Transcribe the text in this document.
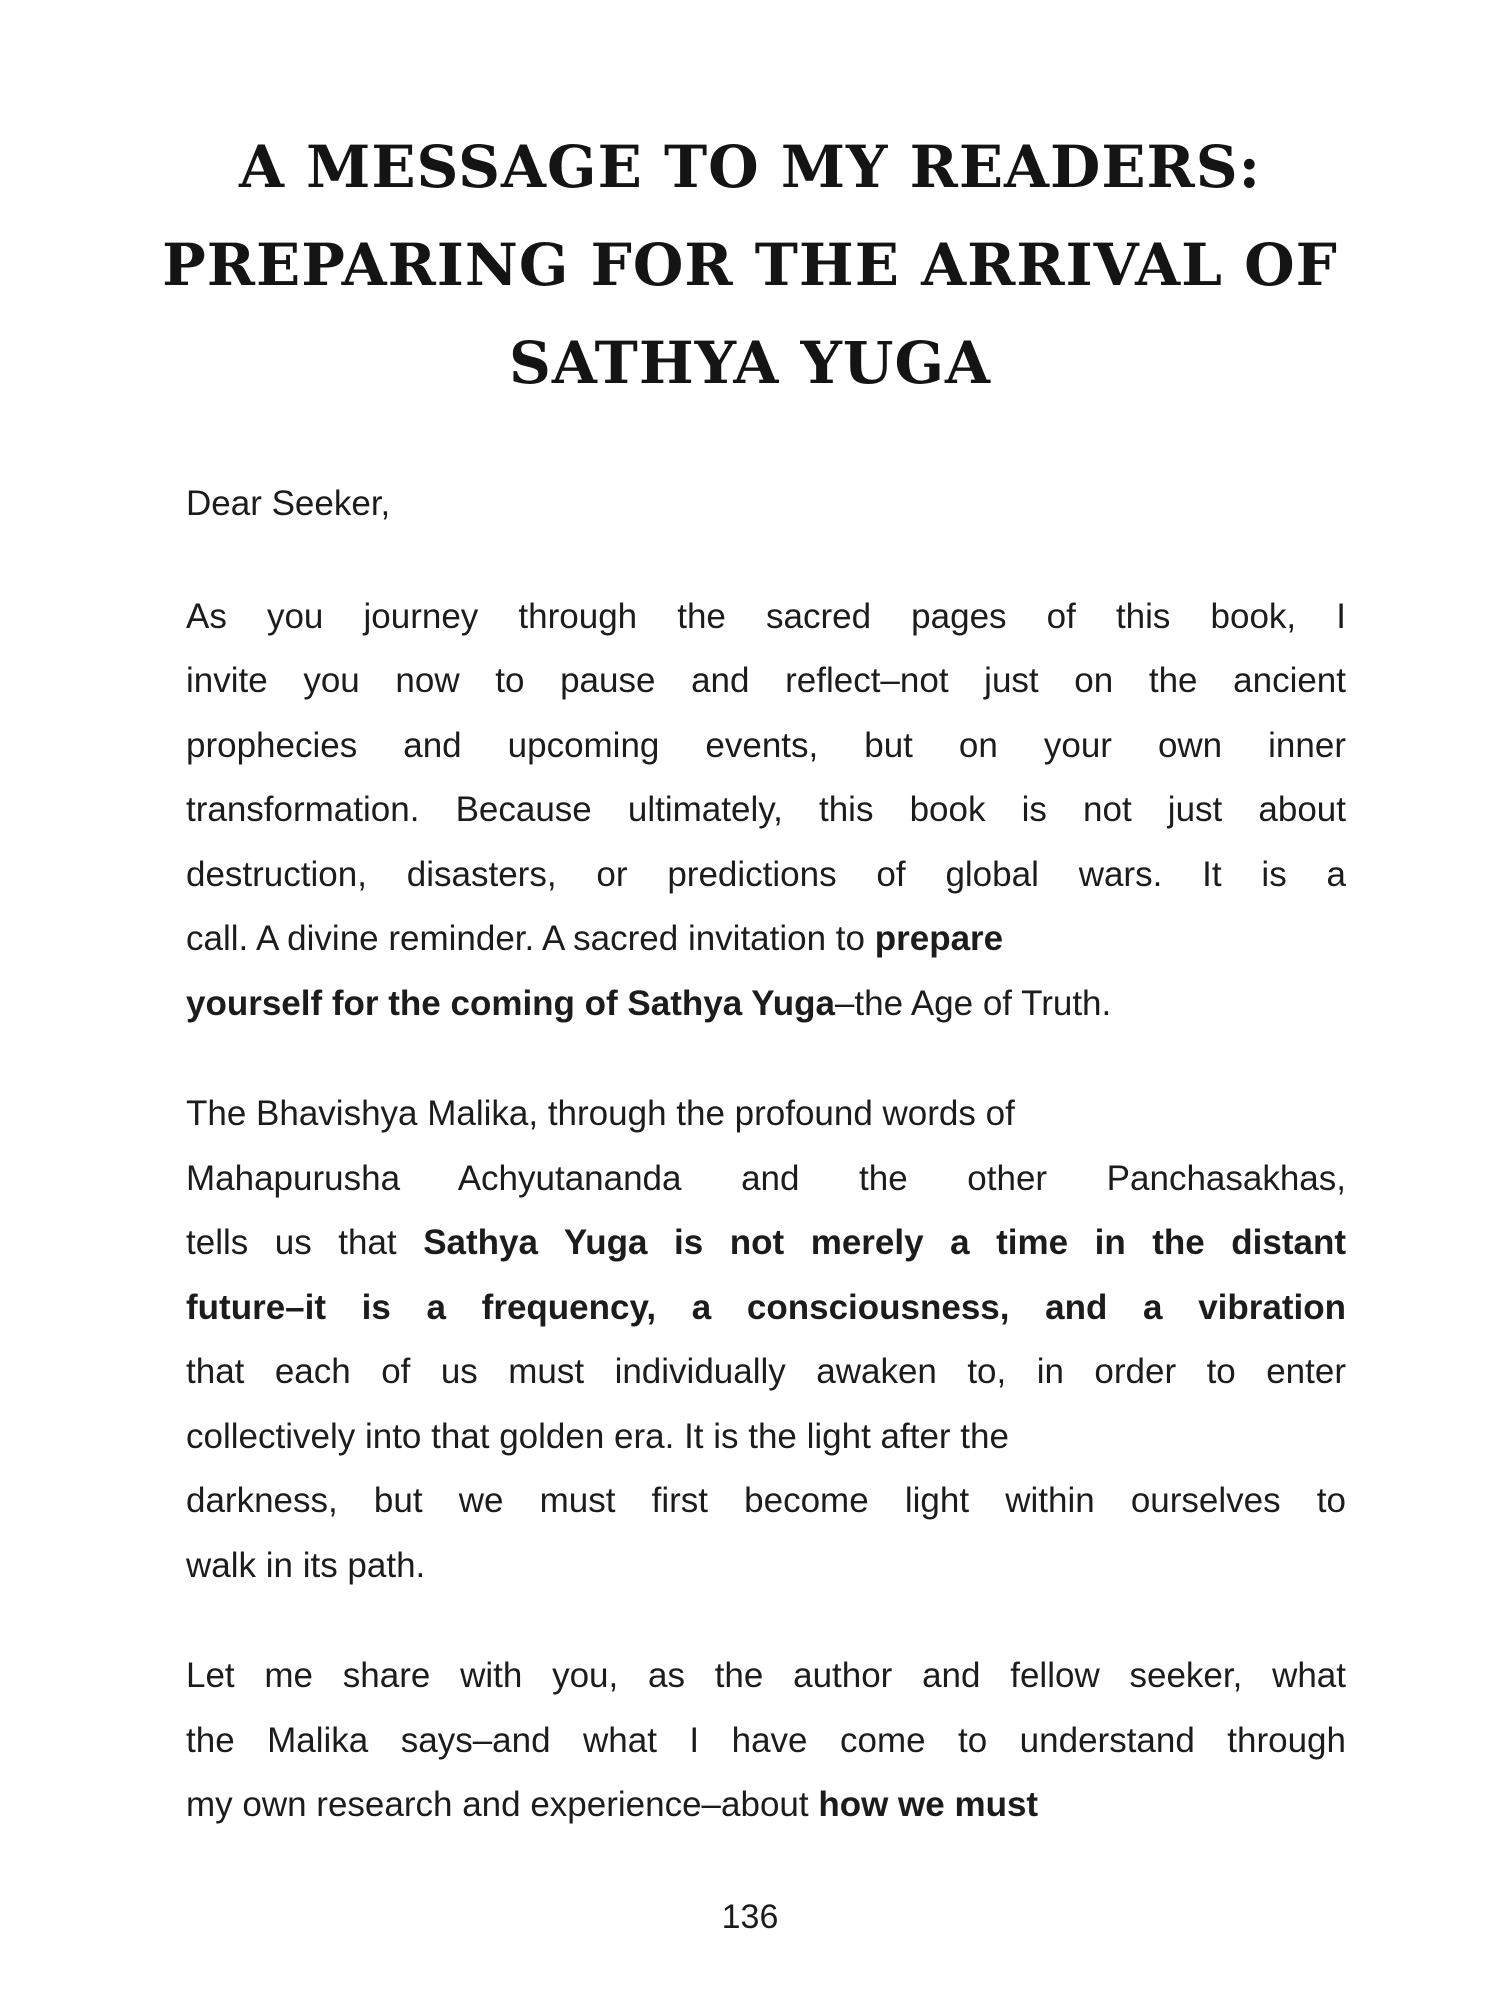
A MESSAGE TO MY READERS:
PREPARING FOR THE ARRIVAL OF
SATHYA YUGA
Dear Seeker,
As you journey through the sacred pages of this book, I
invite you now to pause and reflect–not just on the ancient
prophecies and upcoming events, but on your own inner
transformation. Because ultimately, this book is not just about
destruction, disasters, or predictions of global wars. It is a
call. A divine reminder. A sacred invitation to prepare
yourself for the coming of Sathya Yuga–the Age of Truth.
The Bhavishya Malika, through the profound words of
Mahapurusha Achyutananda and the other Panchasakhas,
tells us that Sathya Yuga is not merely a time in the distant
future–it is a frequency, a consciousness, and a vibration
that each of us must individually awaken to, in order to enter
collectively into that golden era. It is the light after the
darkness, but we must first become light within ourselves to
walk in its path.
Let me share with you, as the author and fellow seeker, what
the Malika says–and what I have come to understand through
my own research and experience–about how we must
136
